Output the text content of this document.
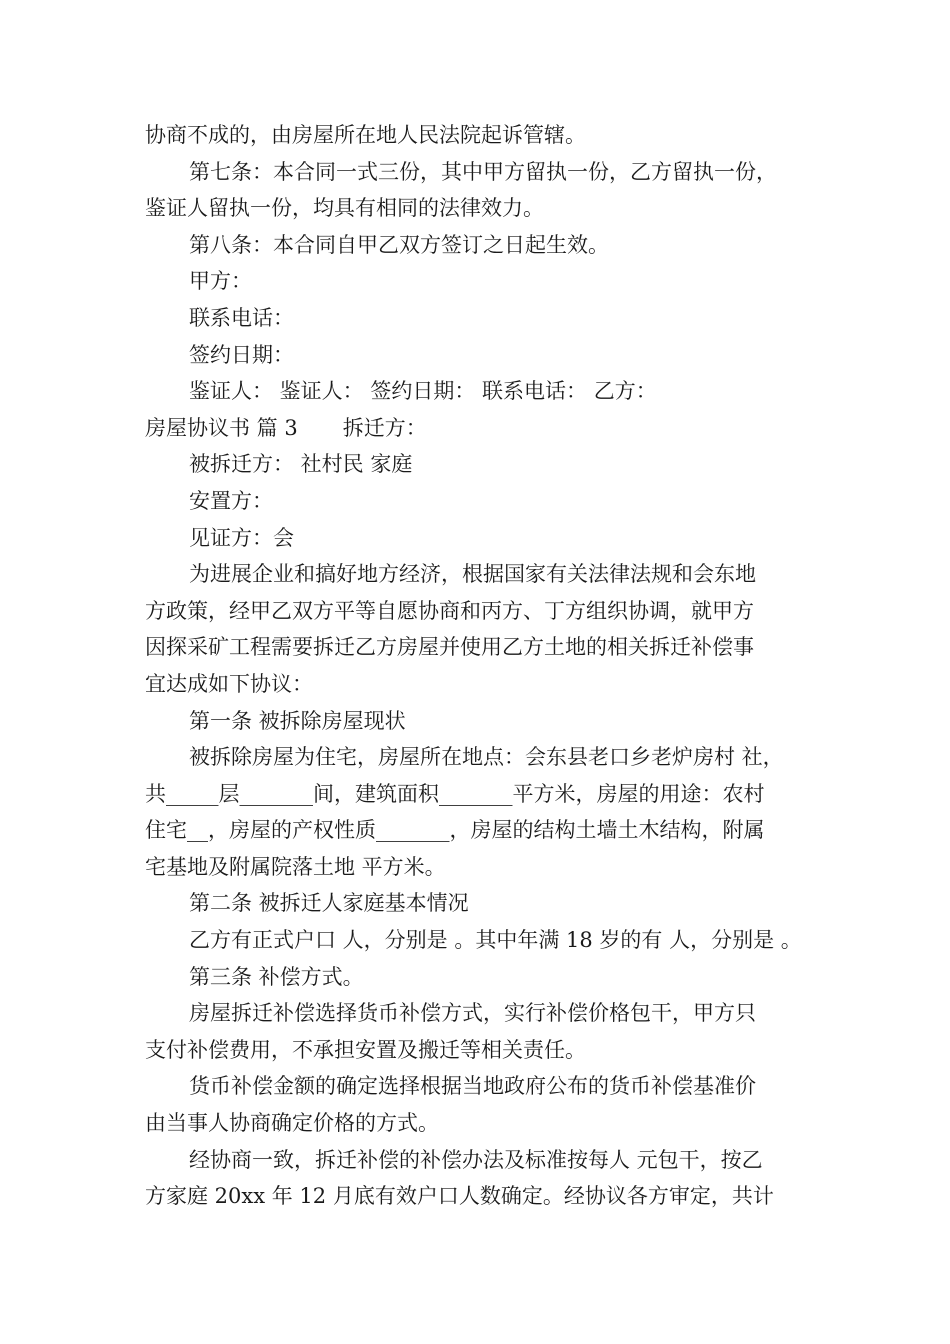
协商不成的，由房屋所在地人民法院起诉管辖。
第七条：本合同一式三份，其中甲方留执一份，乙方留执一份，
鉴证人留执一份，均具有相同的法律效力。
第八条：本合同自甲乙双方签订之日起生效。
甲方：
联系电话：
签约日期：
鉴证人： 鉴证人： 签约日期： 联系电话： 乙方：
房屋协议书 篇 3 拆迁方：
被拆迁方： 社村民 家庭
安置方：
见证方：会
为进展企业和搞好地方经济，根据国家有关法律法规和会东地
方政策，经甲乙双方平等自愿协商和丙方、丁方组织协调，就甲方
因探采矿工程需要拆迁乙方房屋并使用乙方土地的相关拆迁补偿事
宜达成如下协议：
第一条 被拆除房屋现状
被拆除房屋为住宅，房屋所在地点：会东县老口乡老炉房村 社，
共_____层_______间，建筑面积_______平方米，房屋的用途：农村
住宅__，房屋的产权性质_______，房屋的结构土墙土木结构，附属
宅基地及附属院落土地 平方米。
第二条 被拆迁人家庭基本情况
乙方有正式户口 人，分别是 。其中年满 18 岁的有 人，分别是 。
第三条 补偿方式。
房屋拆迁补偿选择货币补偿方式，实行补偿价格包干，甲方只
支付补偿费用，不承担安置及搬迁等相关责任。
货币补偿金额的确定选择根据当地政府公布的货币补偿基准价
由当事人协商确定价格的方式。
经协商一致，拆迁补偿的补偿办法及标准按每人 元包干，按乙
方家庭 20xx 年 12 月底有效户口人数确定。经协议各方审定，共计
